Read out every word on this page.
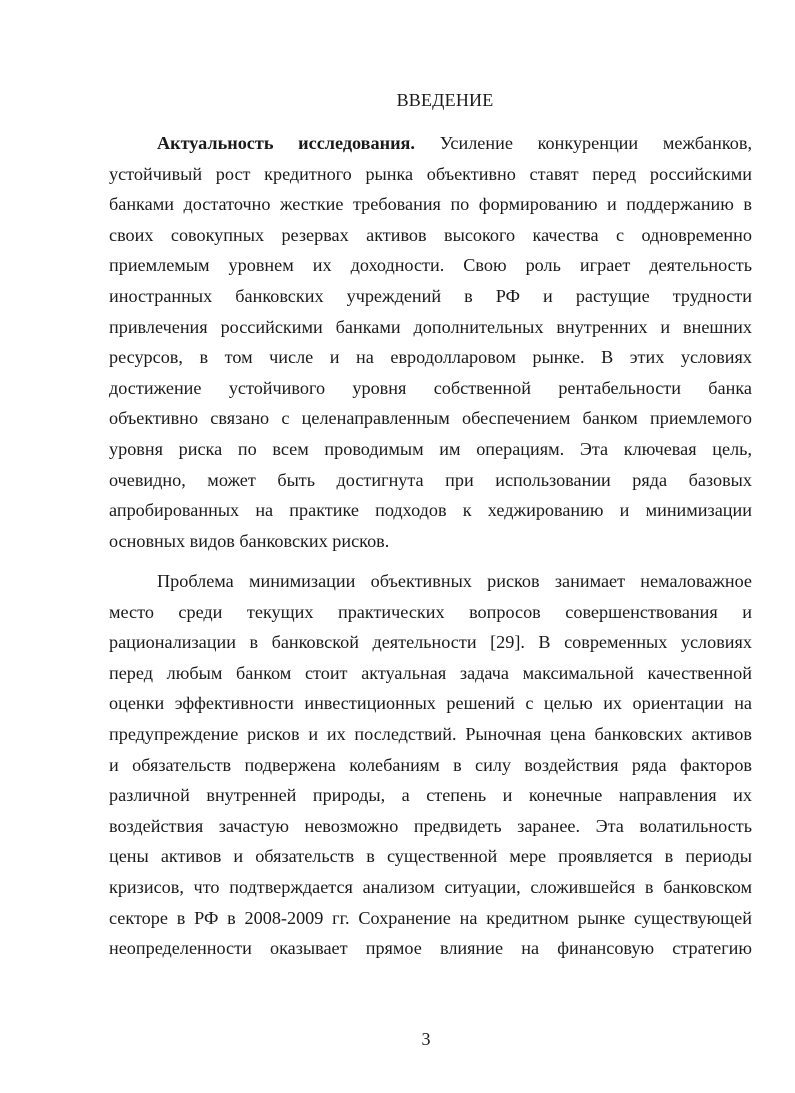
ВВЕДЕНИЕ
Актуальность исследования. Усиление конкуренции межбанков,
устойчивый рост кредитного рынка объективно ставят перед российскими
банками достаточно жесткие требования по формированию и поддержанию в
своих совокупных резервах активов высокого качества с одновременно
приемлемым уровнем их доходности. Свою роль играет деятельность
иностранных банковских учреждений в РФ и растущие трудности
привлечения российскими банками дополнительных внутренних и внешних
ресурсов, в том числе и на евродолларовом рынке. В этих условиях
достижение устойчивого уровня собственной рентабельности банка
объективно связано с целенаправленным обеспечением банком приемлемого
уровня риска по всем проводимым им операциям. Эта ключевая цель,
очевидно, может быть достигнута при использовании ряда базовых
апробированных на практике подходов к хеджированию и минимизации
основных видов банковских рисков.
Проблема минимизации объективных рисков занимает немаловажное
место среди текущих практических вопросов совершенствования и
рационализации в банковской деятельности [29]. В современных условиях
перед любым банком стоит актуальная задача максимальной качественной
оценки эффективности инвестиционных решений с целью их ориентации на
предупреждение рисков и их последствий. Рыночная цена банковских активов
и обязательств подвержена колебаниям в силу воздействия ряда факторов
различной внутренней природы, а степень и конечные направления их
воздействия зачастую невозможно предвидеть заранее. Эта волатильность
цены активов и обязательств в существенной мере проявляется в периоды
кризисов, что подтверждается анализом ситуации, сложившейся в банковском
секторе в РФ в 2008-2009 гг. Сохранение на кредитном рынке существующей
неопределенности оказывает прямое влияние на финансовую стратегию
3
